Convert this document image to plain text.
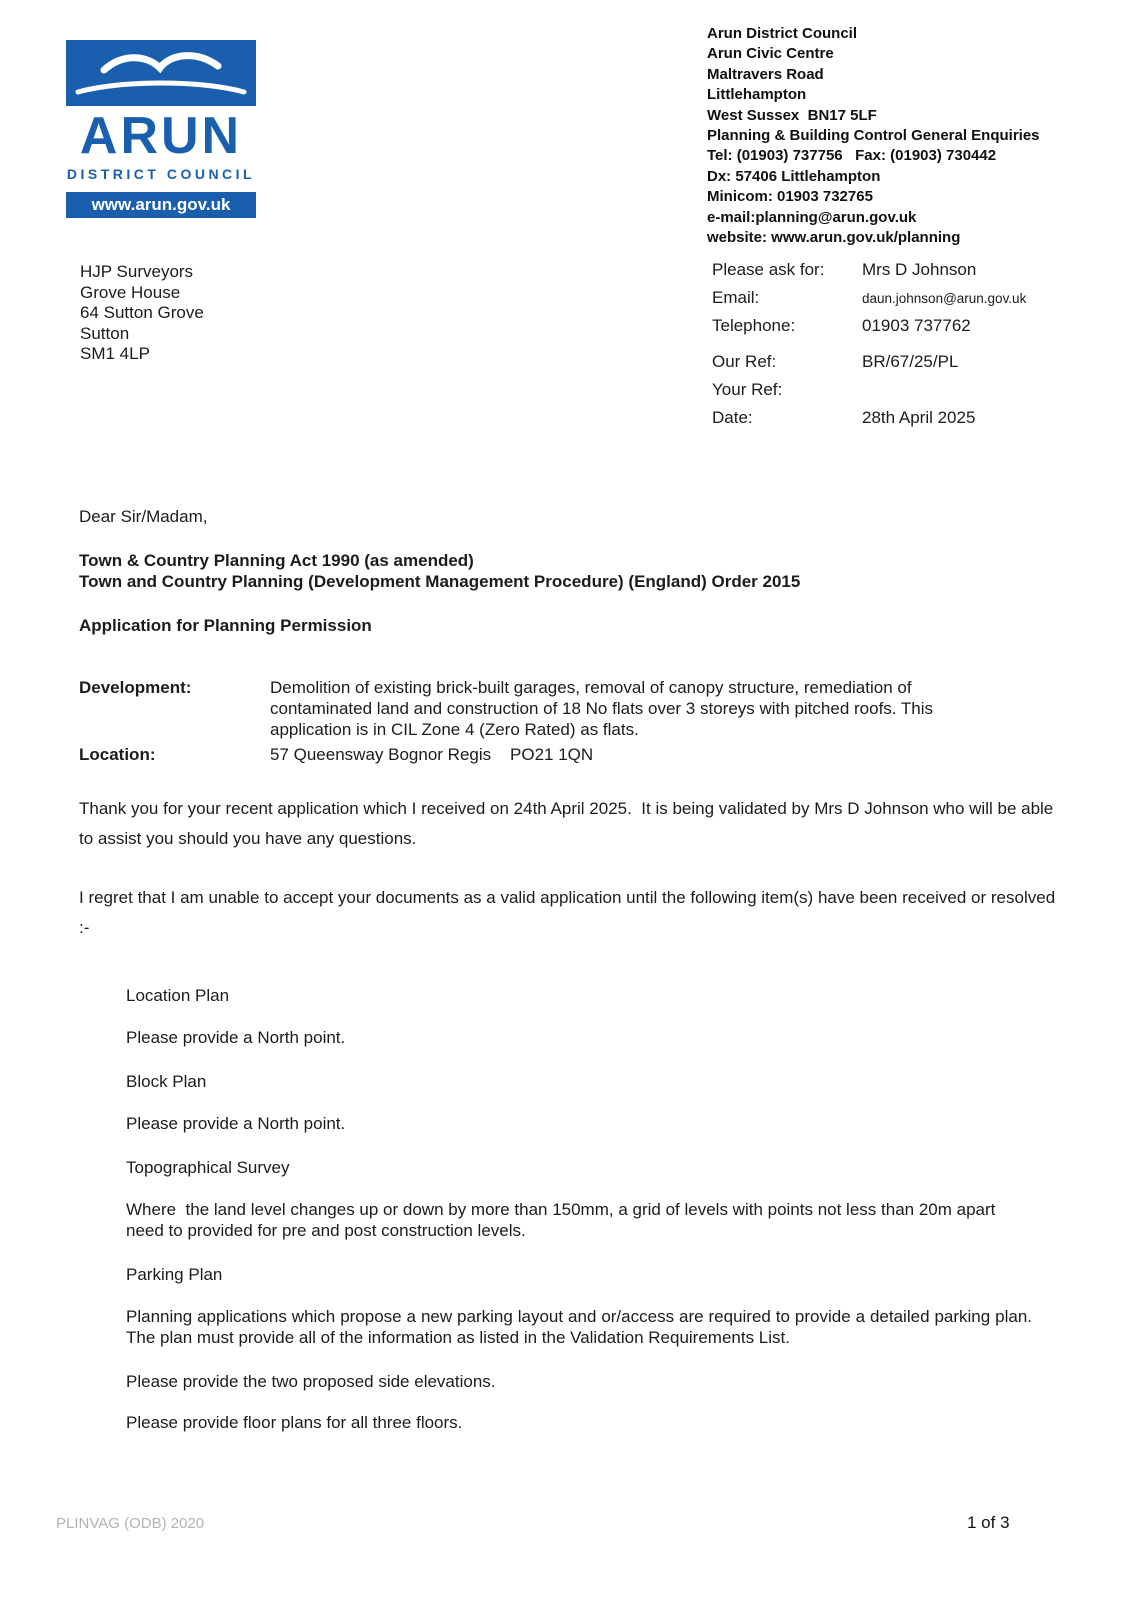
ARUN
DISTRICT COUNCIL
www.arun.gov.uk
Arun District Council
Arun Civic Centre
Maltravers Road
Littlehampton
West Sussex  BN17 5LF
Planning & Building Control General Enquiries
Tel: (01903) 737756   Fax: (01903) 730442
Dx: 57406 Littlehampton
Minicom: 01903 732765
e-mail:planning@arun.gov.uk
website: www.arun.gov.uk/planning
HJP Surveyors
Grove House
64 Sutton Grove
Sutton
SM1 4LP
Please ask for:	Mrs D Johnson
Email:	daun.johnson@arun.gov.uk
Telephone:	01903 737762
Our Ref:	BR/67/25/PL
Your Ref:
Date:	28th April 2025
Dear Sir/Madam,
Town & Country Planning Act 1990 (as amended)
Town and Country Planning (Development Management Procedure) (England) Order 2015
Application for Planning Permission
Development:	Demolition of existing brick-built garages, removal of canopy structure, remediation of contaminated land and construction of 18 No flats over 3 storeys with pitched roofs. This application is in CIL Zone 4 (Zero Rated) as flats.
Location:	57 Queensway Bognor Regis    PO21 1QN
Thank you for your recent application which I received on 24th April 2025.  It is being validated by Mrs D Johnson who will be able to assist you should you have any questions.
I regret that I am unable to accept your documents as a valid application until the following item(s) have been received or resolved :-
Location Plan
Please provide a North point.
Block Plan
Please provide a North point.
Topographical Survey
Where  the land level changes up or down by more than 150mm, a grid of levels with points not less than 20m apart need to provided for pre and post construction levels.
Parking Plan
Planning applications which propose a new parking layout and or/access are required to provide a detailed parking plan. The plan must provide all of the information as listed in the Validation Requirements List.
Please provide the two proposed side elevations.
Please provide floor plans for all three floors.
PLINVAG (ODB) 2020	1 of 3
